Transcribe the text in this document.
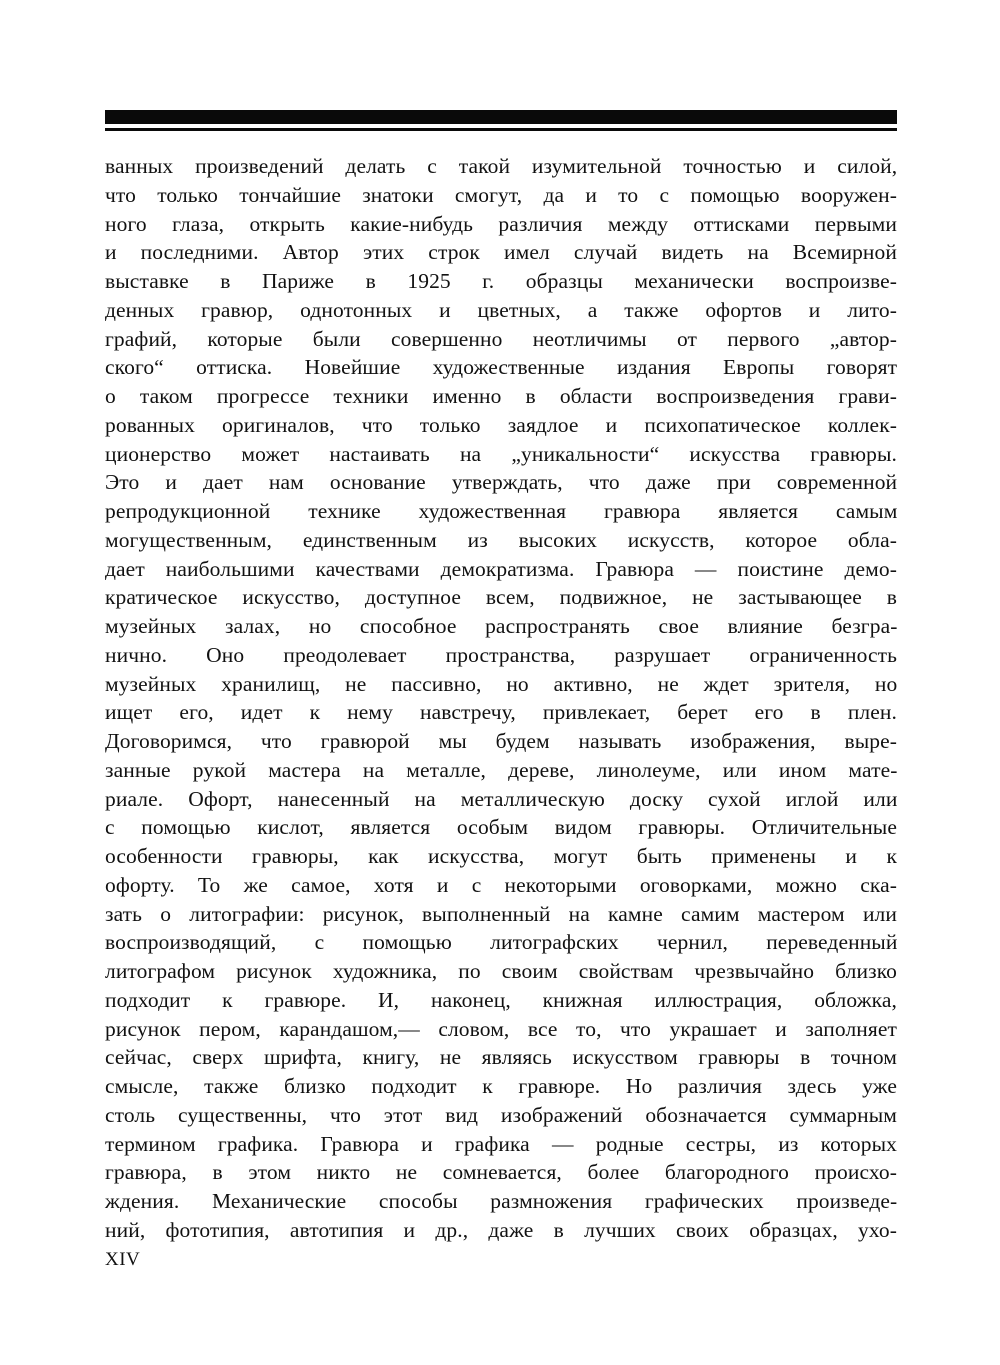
ванных произведений делать с такой изумительной точностью и силой,
что только тончайшие знатоки смогут, да и то с помощью вооружен-
ного глаза, открыть какие-нибудь различия между оттисками первыми
и последними. Автор этих строк имел случай видеть на Всемирной
выставке в Париже в 1925 г. образцы механически воспроизве-
денных гравюр, однотонных и цветных, а также офортов и лито-
графий, которые были совершенно неотличимы от первого „автор-
ского“ оттиска. Новейшие художественные издания Европы говорят
о таком прогрессе техники именно в области воспроизведения грави-
рованных оригиналов, что только заядлое и психопатическое коллек-
ционерство может настаивать на „уникальности“ искусства гравюры.
Это и дает нам основание утверждать, что даже при современной
репродукционной технике художественная гравюра является самым
могущественным, единственным из высоких искусств, которое обла-
дает наибольшими качествами демократизма. Гравюра — поистине демо-
кратическое искусство, доступное всем, подвижное, не застывающее в
музейных залах, но способное распространять свое влияние безгра-
нично. Оно преодолевает пространства, разрушает ограниченность
музейных хранилищ, не пассивно, но активно, не ждет зрителя, но
ищет его, идет к нему навстречу, привлекает, берет его в плен.
Договоримся, что гравюрой мы будем называть изображения, выре-
занные рукой мастера на металле, дереве, линолеуме, или ином мате-
риале. Офорт, нанесенный на металлическую доску сухой иглой или
с помощью кислот, является особым видом гравюры. Отличительные
особенности гравюры, как искусства, могут быть применены и к
офорту. То же самое, хотя и с некоторыми оговорками, можно ска-
зать о литографии: рисунок, выполненный на камне самим мастером или
воспроизводящий, с помощью литографских чернил, переведенный
литографом рисунок художника, по своим свойствам чрезвычайно близко
подходит к гравюре. И, наконец, книжная иллюстрация, обложка,
рисунок пером, карандашом,— словом, все то, что украшает и заполняет
сейчас, сверх шрифта, книгу, не являясь искусством гравюры в точном
смысле, также близко подходит к гравюре. Но различия здесь уже
столь существенны, что этот вид изображений обозначается суммарным
термином графика. Гравюра и графика — родные сестры, из которых
гравюра, в этом никто не сомневается, более благородного происхо-
ждения. Механические способы размножения графических произведе-
ний, фототипия, автотипия и др., даже в лучших своих образцах, ухо-
XIV
